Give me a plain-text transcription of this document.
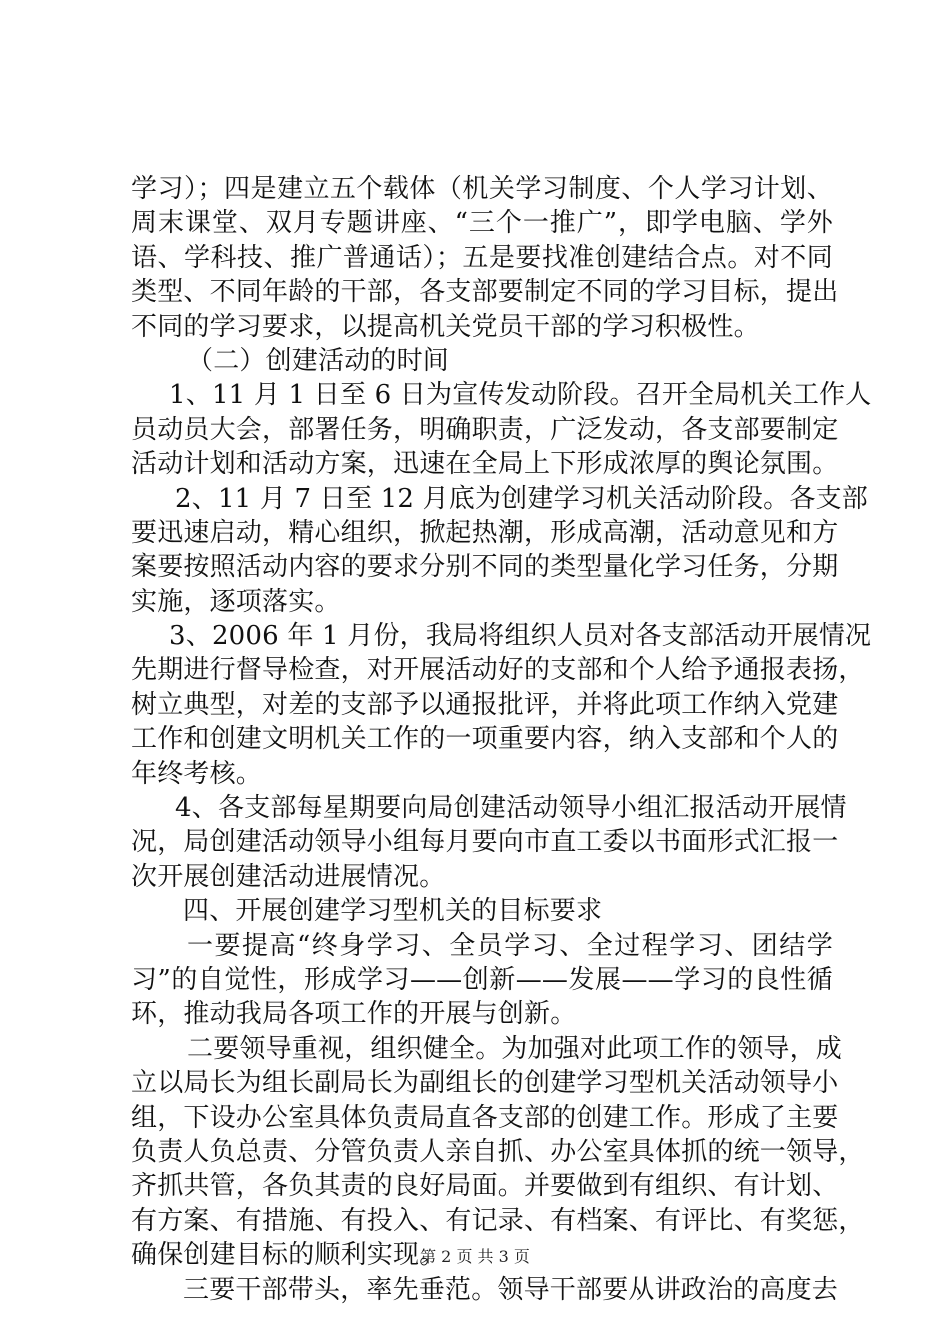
学习）；四是建立五个载体（机关学习制度、个人学习计划、
周末课堂、双月专题讲座、“三个一推广”，即学电脑、学外
语、学科技、推广普通话）；五是要找准创建结合点。对不同
类型、不同年龄的干部，各支部要制定不同的学习目标，提出
不同的学习要求，以提高机关党员干部的学习积极性。
（二）创建活动的时间
1、11 月 1 日至 6 日为宣传发动阶段。召开全局机关工作人
员动员大会，部署任务，明确职责，广泛发动，各支部要制定
活动计划和活动方案，迅速在全局上下形成浓厚的舆论氛围。
2、11 月 7 日至 12 月底为创建学习机关活动阶段。各支部
要迅速启动，精心组织，掀起热潮，形成高潮，活动意见和方
案要按照活动内容的要求分别不同的类型量化学习任务，分期
实施，逐项落实。
3、2006 年 1 月份，我局将组织人员对各支部活动开展情况
先期进行督导检查，对开展活动好的支部和个人给予通报表扬，
树立典型，对差的支部予以通报批评，并将此项工作纳入党建
工作和创建文明机关工作的一项重要内容，纳入支部和个人的
年终考核。
4、各支部每星期要向局创建活动领导小组汇报活动开展情
况，局创建活动领导小组每月要向市直工委以书面形式汇报一
次开展创建活动进展情况。
四、开展创建学习型机关的目标要求
一要提高“终身学习、全员学习、全过程学习、团结学
习”的自觉性，形成学习——创新——发展——学习的良性循
环，推动我局各项工作的开展与创新。
二要领导重视，组织健全。为加强对此项工作的领导，成
立以局长为组长副局长为副组长的创建学习型机关活动领导小
组，下设办公室具体负责局直各支部的创建工作。形成了主要
负责人负总责、分管负责人亲自抓、办公室具体抓的统一领导，
齐抓共管，各负其责的良好局面。并要做到有组织、有计划、
有方案、有措施、有投入、有记录、有档案、有评比、有奖惩，
确保创建目标的顺利实现。
三要干部带头，率先垂范。领导干部要从讲政治的高度去
第 2 页 共 3 页
